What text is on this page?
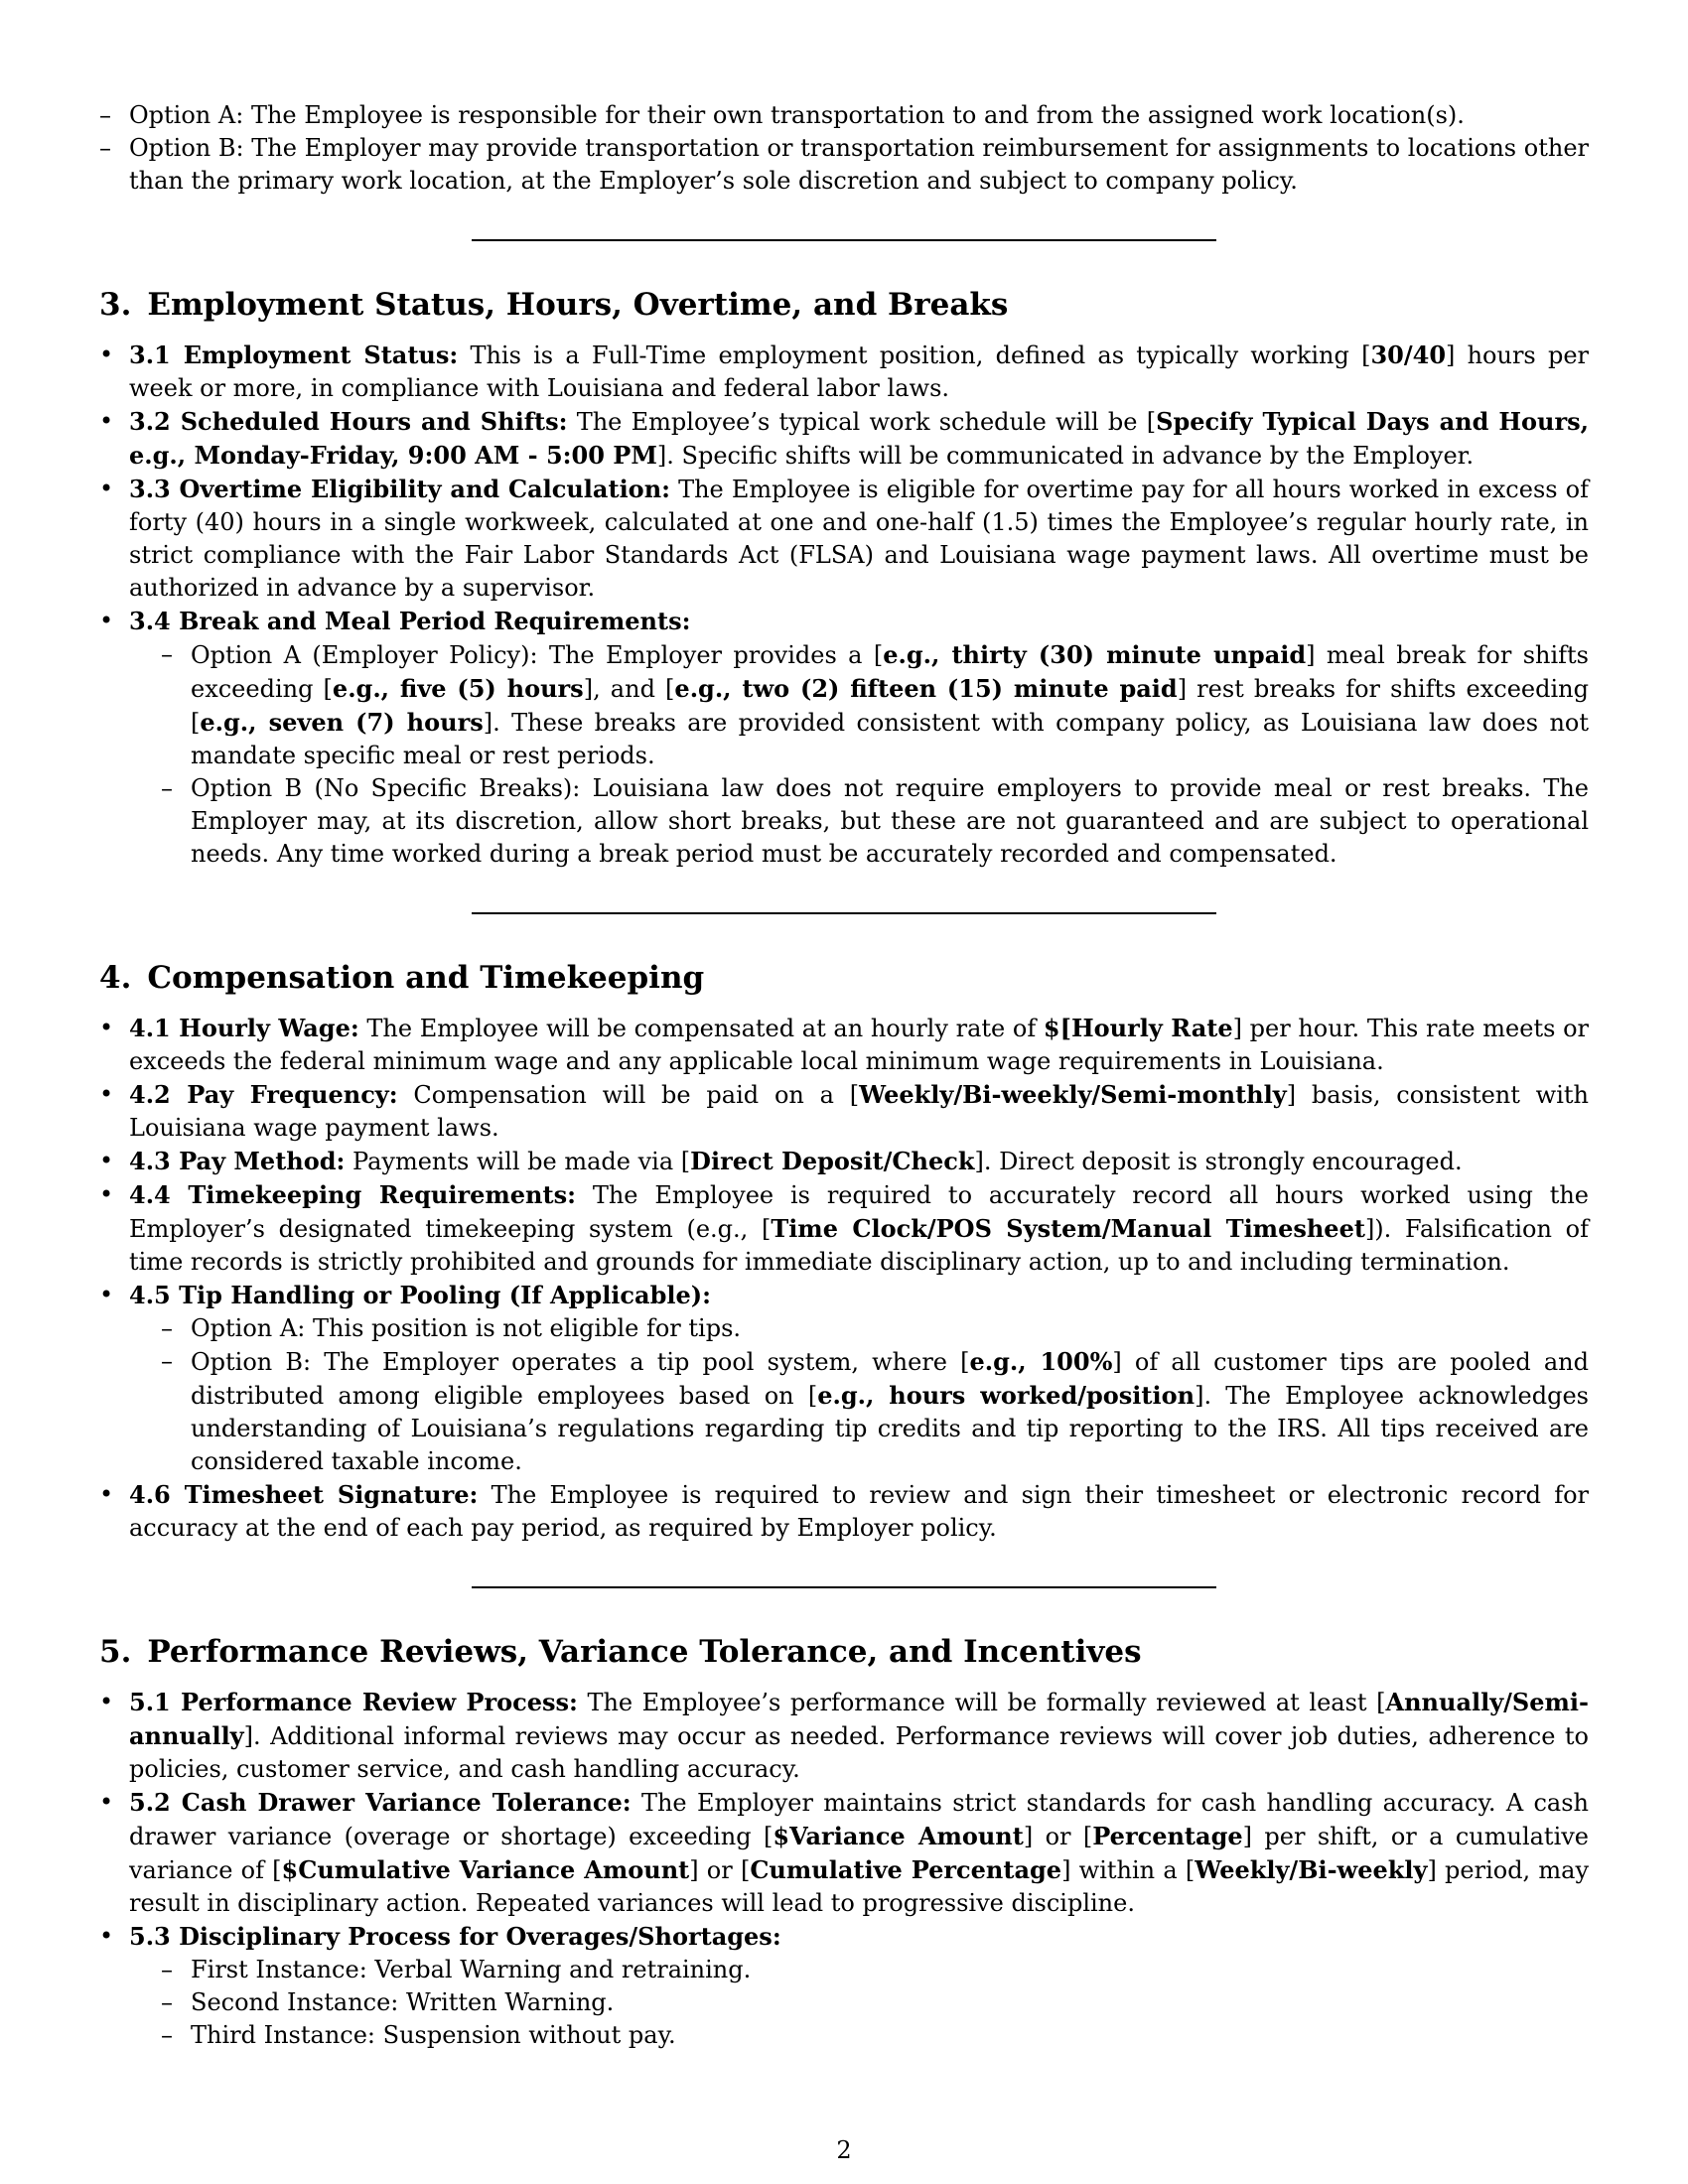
– Option A: The Employee is responsible for their own transportation to and from the assigned work location(s).
– Option B: The Employer may provide transportation or transportation reimbursement for assignments to locations other than the primary work location, at the Employer’s sole discretion and subject to company policy.
3. Employment Status, Hours, Overtime, and Breaks
• 3.1 Employment Status: This is a Full-Time employment position, defined as typically working [30/40] hours per week or more, in compliance with Louisiana and federal labor laws.
• 3.2 Scheduled Hours and Shifts: The Employee’s typical work schedule will be [Specify Typical Days and Hours, e.g., Monday-Friday, 9:00 AM - 5:00 PM]. Specific shifts will be communicated in advance by the Employer.
• 3.3 Overtime Eligibility and Calculation: The Employee is eligible for overtime pay for all hours worked in excess of forty (40) hours in a single workweek, calculated at one and one-half (1.5) times the Employee’s regular hourly rate, in strict compliance with the Fair Labor Standards Act (FLSA) and Louisiana wage payment laws. All overtime must be authorized in advance by a supervisor.
• 3.4 Break and Meal Period Requirements:
– Option A (Employer Policy): The Employer provides a [e.g., thirty (30) minute unpaid] meal break for shifts exceeding [e.g., five (5) hours], and [e.g., two (2) fifteen (15) minute paid] rest breaks for shifts exceeding [e.g., seven (7) hours]. These breaks are provided consistent with company policy, as Louisiana law does not mandate specific meal or rest periods.
– Option B (No Specific Breaks): Louisiana law does not require employers to provide meal or rest breaks. The Employer may, at its discretion, allow short breaks, but these are not guaranteed and are subject to operational needs. Any time worked during a break period must be accurately recorded and compensated.
4. Compensation and Timekeeping
• 4.1 Hourly Wage: The Employee will be compensated at an hourly rate of $[Hourly Rate] per hour. This rate meets or exceeds the federal minimum wage and any applicable local minimum wage requirements in Louisiana.
• 4.2 Pay Frequency: Compensation will be paid on a [Weekly/Bi-weekly/Semi-monthly] basis, consistent with Louisiana wage payment laws.
• 4.3 Pay Method: Payments will be made via [Direct Deposit/Check]. Direct deposit is strongly encouraged.
• 4.4 Timekeeping Requirements: The Employee is required to accurately record all hours worked using the Employer’s designated timekeeping system (e.g., [Time Clock/POS System/Manual Timesheet]). Falsification of time records is strictly prohibited and grounds for immediate disciplinary action, up to and including termination.
• 4.5 Tip Handling or Pooling (If Applicable):
– Option A: This position is not eligible for tips.
– Option B: The Employer operates a tip pool system, where [e.g., 100%] of all customer tips are pooled and distributed among eligible employees based on [e.g., hours worked/position]. The Employee acknowledges understanding of Louisiana’s regulations regarding tip credits and tip reporting to the IRS. All tips received are considered taxable income.
• 4.6 Timesheet Signature: The Employee is required to review and sign their timesheet or electronic record for accuracy at the end of each pay period, as required by Employer policy.
5. Performance Reviews, Variance Tolerance, and Incentives
• 5.1 Performance Review Process: The Employee’s performance will be formally reviewed at least [Annually/Semi-annually]. Additional informal reviews may occur as needed. Performance reviews will cover job duties, adherence to policies, customer service, and cash handling accuracy.
• 5.2 Cash Drawer Variance Tolerance: The Employer maintains strict standards for cash handling accuracy. A cash drawer variance (overage or shortage) exceeding [$Variance Amount] or [Percentage] per shift, or a cumulative variance of [$Cumulative Variance Amount] or [Cumulative Percentage] within a [Weekly/Bi-weekly] period, may result in disciplinary action. Repeated variances will lead to progressive discipline.
• 5.3 Disciplinary Process for Overages/Shortages:
– First Instance: Verbal Warning and retraining.
– Second Instance: Written Warning.
– Third Instance: Suspension without pay.
2
